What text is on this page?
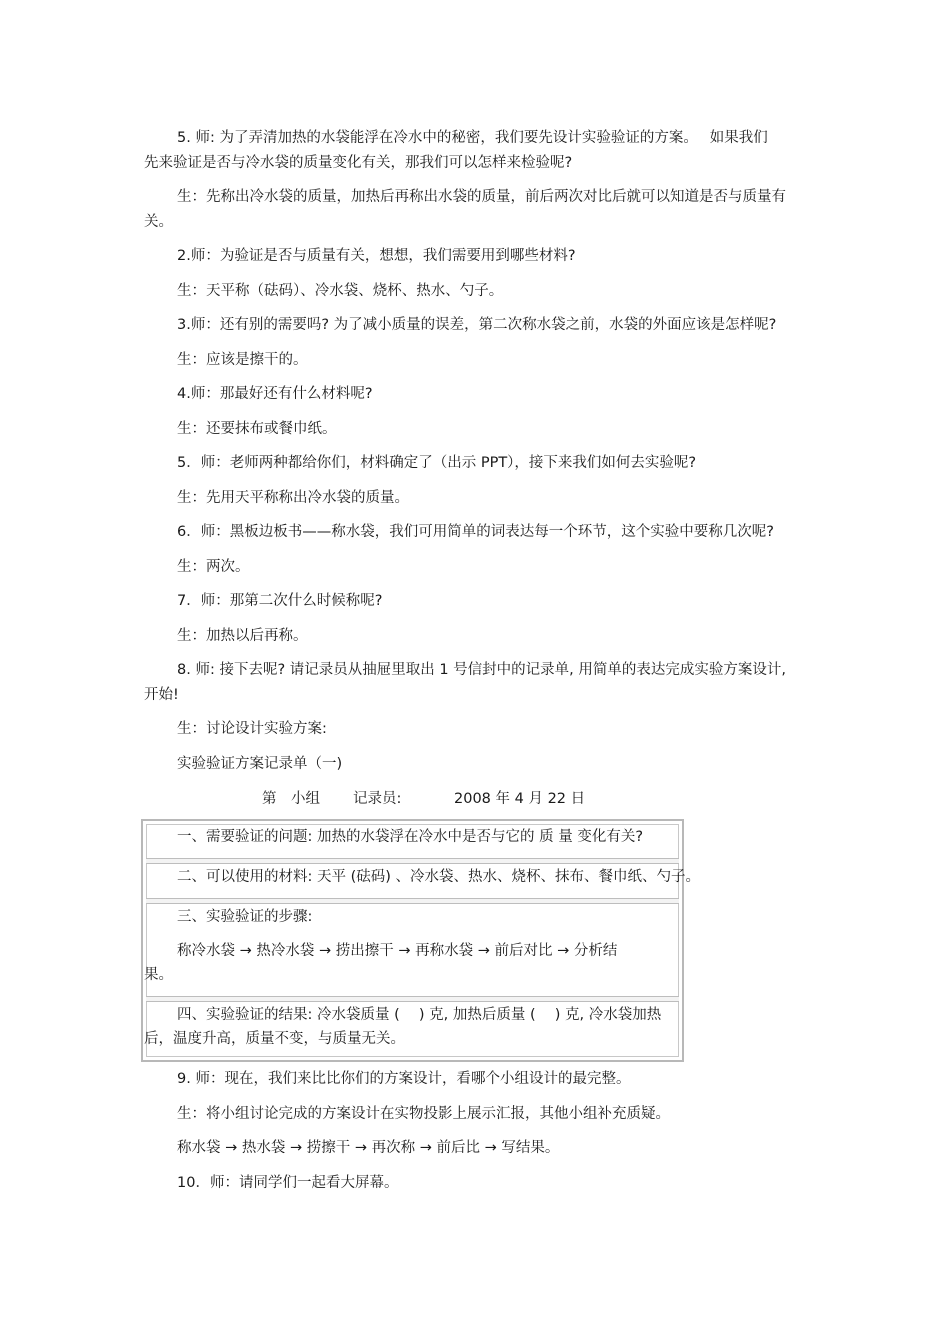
5. 师: 为了弄清加热的水袋能浮在冷水中的秘密，我们要先设计实验验证的方案。　 如果我们
先来验证是否与冷水袋的质量变化有关，那我们可以怎样来检验呢?
生：先称出冷水袋的质量，加热后再称出水袋的质量，前后两次对比后就可以知道是否与质量有
关。
2.师：为验证是否与质量有关，想想，我们需要用到哪些材料?
生：天平称（砝码）、冷水袋、烧杯、热水、勺子。
3.师：还有别的需要吗? 为了减小质量的误差，第二次称水袋之前，水袋的外面应该是怎样呢?
生：应该是擦干的。
4.师：那最好还有什么材料呢?
生：还要抹布或餐巾纸。
5．师：老师两种都给你们，材料确定了（出示 PPT），接下来我们如何去实验呢?
生：先用天平称称出冷水袋的质量。
6．师：黑板边板书——称水袋，我们可用简单的词表达每一个环节，这个实验中要称几次呢?
生：两次。
7．师：那第二次什么时候称呢?
生：加热以后再称。
8. 师: 接下去呢? 请记录员从抽屉里取出 1 号信封中的记录单, 用简单的表达完成实验方案设计,
开始!
生：讨论设计实验方案:
实验验证方案记录单（一)
第　小组 记录员:	2008 年 4 月 22 日
一、需要验证的问题: 加热的水袋浮在冷水中是否与它的 质 量 变化有关?
二、可以使用的材料: 天平 (砝码) 、冷水袋、热水、烧杯、抹布、餐巾纸、勺子。
三、实验验证的步骤:
称冷水袋 → 热冷水袋 → 捞出擦干 → 再称水袋 → 前后对比 → 分析结
果。
四、实验验证的结果: 冷水袋质量 (　 ) 克, 加热后质量 (　 ) 克, 冷水袋加热
后，温度升高，质量不变，与质量无关。
9. 师：现在，我们来比比你们的方案设计，看哪个小组设计的最完整。
生：将小组讨论完成的方案设计在实物投影上展示汇报，其他小组补充质疑。
称水袋 → 热水袋 → 捞擦干 → 再次称 → 前后比 → 写结果。
10．师：请同学们一起看大屏幕。
